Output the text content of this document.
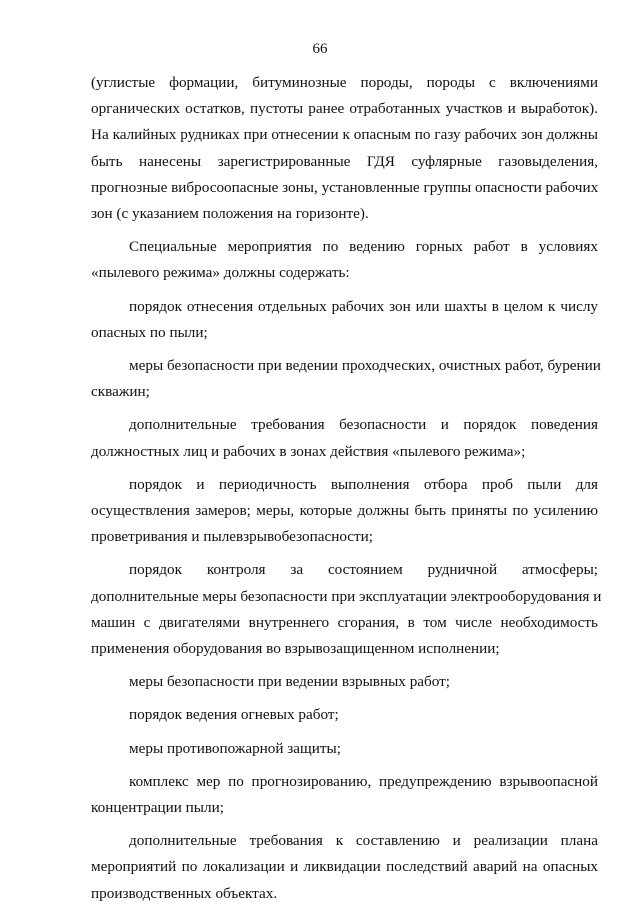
66

(углистые формации, битуминозные породы, породы с включениями
органических остатков, пустоты ранее отработанных участков и выработок).
На калийных рудниках при отнесении к опасным по газу рабочих зон должны
быть нанесены зарегистрированные ГДЯ суфлярные газовыделения,
прогнозные вибросоопасные зоны, установленные группы опасности рабочих
зон (с указанием положения на горизонте).

Специальные мероприятия по ведению горных работ в условиях
«пылевого режима» должны содержать:

порядок отнесения отдельных рабочих зон или шахты в целом к числу
опасных по пыли;

меры безопасности при ведении проходческих, очистных работ, бурении
скважин;

дополнительные требования безопасности и порядок поведения
должностных лиц и рабочих в зонах действия «пылевого режима»;

порядок и периодичность выполнения отбора проб пыли для
осуществления замеров; меры, которые должны быть приняты по усилению
проветривания и пылевзрывобезопасности;

порядок контроля за состоянием рудничной атмосферы;
дополнительные меры безопасности при эксплуатации электрооборудования и
машин с двигателями внутреннего сгорания, в том числе необходимость
применения оборудования во взрывозащищенном исполнении;

меры безопасности при ведении взрывных работ;

порядок ведения огневых работ;

меры противопожарной защиты;

комплекс мер по прогнозированию, предупреждению взрывоопасной
концентрации пыли;

дополнительные требования к составлению и реализации плана
мероприятий по локализации и ликвидации последствий аварий на опасных
производственных объектах.
